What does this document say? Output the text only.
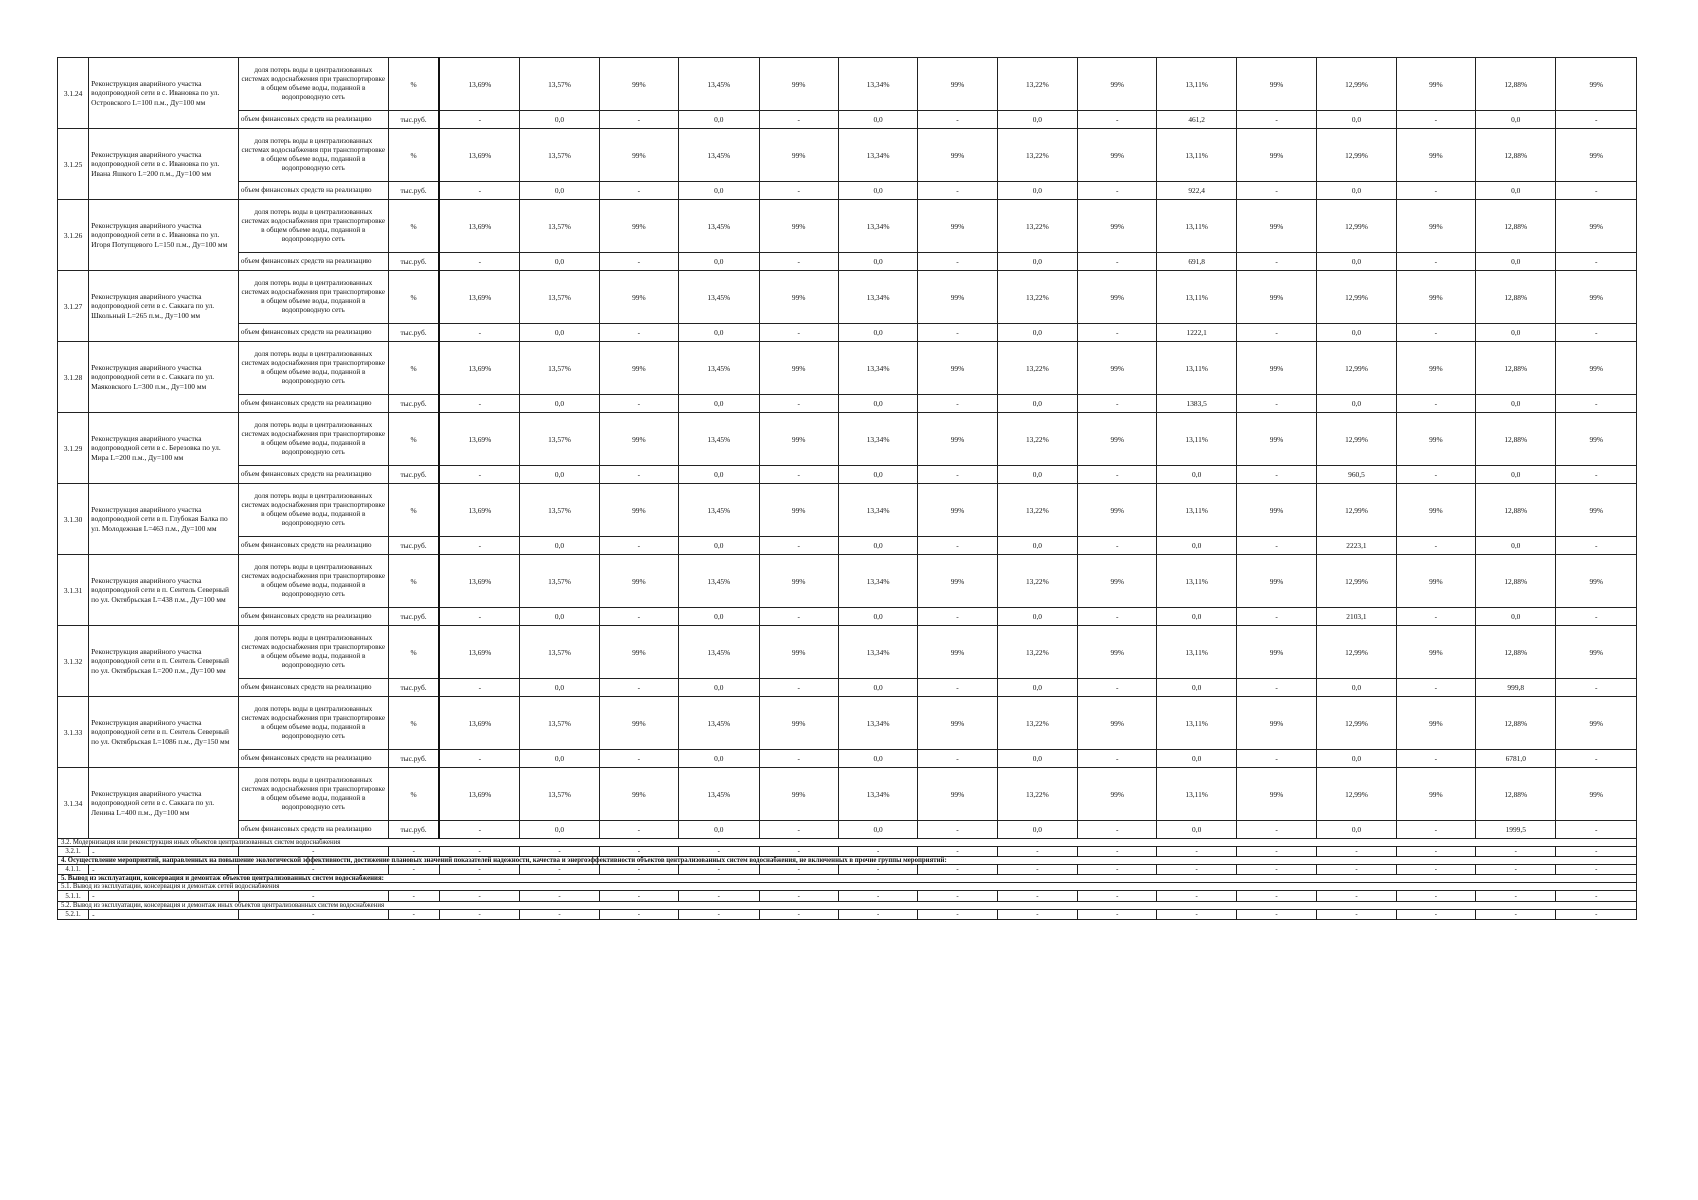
3.1.24	Реконструкция аварийного участка водопроводной сети в с. Ивановка по ул. Островского L=100 п.м., Ду=100 мм	доля потерь воды в централизованных системах водоснабжения при транспортировке в общем объеме воды, поданной в водопроводную сеть	%	13,69%	13,57%	99%	13,45%	99%	13,34%	99%	13,22%	99%	13,11%	99%	12,99%	99%	12,88%	99%
		объем финансовых средств на реализацию	тыс.руб.	-	0,0	-	0,0	-	0,0	-	0,0	-	461,2	-	0,0	-	0,0	-
3.1.25	Реконструкция аварийного участка водопроводной сети в с. Ивановка по ул. Ивана Яшкого L=200 п.м., Ду=100 мм	доля потерь воды в централизованных системах водоснабжения при транспортировке в общем объеме воды, поданной в водопроводную сеть	%	13,69%	13,57%	99%	13,45%	99%	13,34%	99%	13,22%	99%	13,11%	99%	12,99%	99%	12,88%	99%
		объем финансовых средств на реализацию	тыс.руб.	-	0,0	-	0,0	-	0,0	-	0,0	-	922,4	-	0,0	-	0,0	-
3.1.26	Реконструкция аварийного участка водопроводной сети в с. Ивановка по ул. Игоря Потупцевого L=150 п.м., Ду=100 мм	доля потерь воды в централизованных системах водоснабжения при транспортировке в общем объеме воды, поданной в водопроводную сеть	%	13,69%	13,57%	99%	13,45%	99%	13,34%	99%	13,22%	99%	13,11%	99%	12,99%	99%	12,88%	99%
		объем финансовых средств на реализацию	тыс.руб.	-	0,0	-	0,0	-	0,0	-	0,0	-	691,8	-	0,0	-	0,0	-
3.1.27	Реконструкция аварийного участка водопроводной сети в с. Саккага по ул. Школьный L=265 п.м., Ду=100 мм	доля потерь воды в централизованных системах водоснабжения при транспортировке в общем объеме воды, поданной в водопроводную сеть	%	13,69%	13,57%	99%	13,45%	99%	13,34%	99%	13,22%	99%	13,11%	99%	12,99%	99%	12,88%	99%
		объем финансовых средств на реализацию	тыс.руб.	-	0,0	-	0,0	-	0,0	-	0,0	-	1222,1	-	0,0	-	0,0	-
3.1.28	Реконструкция аварийного участка водопроводной сети в с. Саккага по ул. Маяковского L=300 п.м., Ду=100 мм	доля потерь воды в централизованных системах водоснабжения при транспортировке в общем объеме воды, поданной в водопроводную сеть	%	13,69%	13,57%	99%	13,45%	99%	13,34%	99%	13,22%	99%	13,11%	99%	12,99%	99%	12,88%	99%
		объем финансовых средств на реализацию	тыс.руб.	-	0,0	-	0,0	-	0,0	-	0,0	-	1383,5	-	0,0	-	0,0	-
3.1.29	Реконструкция аварийного участка водопроводной сети в с. Березовка по ул. Мира L=200 п.м., Ду=100 мм	доля потерь воды в централизованных системах водоснабжения при транспортировке в общем объеме воды, поданной в водопроводную сеть	%	13,69%	13,57%	99%	13,45%	99%	13,34%	99%	13,22%	99%	13,11%	99%	12,99%	99%	12,88%	99%
		объем финансовых средств на реализацию	тыс.руб.	-	0,0	-	0,0	-	0,0	-	0,0	-	0,0	-	960,5	-	0,0	-
3.1.30	Реконструкция аварийного участка водопроводной сети в п. Глубокая Балка по ул. Молодежная L=463 п.м., Ду=100 мм	доля потерь воды в централизованных системах водоснабжения при транспортировке в общем объеме воды, поданной в водопроводную сеть	%	13,69%	13,57%	99%	13,45%	99%	13,34%	99%	13,22%	99%	13,11%	99%	12,99%	99%	12,88%	99%
		объем финансовых средств на реализацию	тыс.руб.	-	0,0	-	0,0	-	0,0	-	0,0	-	0,0	-	2223,1	-	0,0	-
3.1.31	Реконструкция аварийного участка водопроводной сети в п. Сентель Северный по ул. Октябрьская L=438 п.м., Ду=100 мм	доля потерь воды в централизованных системах водоснабжения при транспортировке в общем объеме воды, поданной в водопроводную сеть	%	13,69%	13,57%	99%	13,45%	99%	13,34%	99%	13,22%	99%	13,11%	99%	12,99%	99%	12,88%	99%
		объем финансовых средств на реализацию	тыс.руб.	-	0,0	-	0,0	-	0,0	-	0,0	-	0,0	-	2103,1	-	0,0	-
3.1.32	Реконструкция аварийного участка водопроводной сети в п. Сентель Северный по ул. Октябрьская L=200 п.м., Ду=100 мм	доля потерь воды в централизованных системах водоснабжения при транспортировке в общем объеме воды, поданной в водопроводную сеть	%	13,69%	13,57%	99%	13,45%	99%	13,34%	99%	13,22%	99%	13,11%	99%	12,99%	99%	12,88%	99%
		объем финансовых средств на реализацию	тыс.руб.	-	0,0	-	0,0	-	0,0	-	0,0	-	0,0	-	0,0	-	999,8	-
3.1.33	Реконструкция аварийного участка водопроводной сети в п. Сентель Северный по ул. Октябрьская L=1086 п.м., Ду=150 мм	доля потерь воды в централизованных системах водоснабжения при транспортировке в общем объеме воды, поданной в водопроводную сеть	%	13,69%	13,57%	99%	13,45%	99%	13,34%	99%	13,22%	99%	13,11%	99%	12,99%	99%	12,88%	99%
		объем финансовых средств на реализацию	тыс.руб.	-	0,0	-	0,0	-	0,0	-	0,0	-	0,0	-	0,0	-	6781,0	-
3.1.34	Реконструкция аварийного участка водопроводной сети в с. Саккага по ул. Ленина L=400 п.м., Ду=100 мм	доля потерь воды в централизованных системах водоснабжения при транспортировке в общем объеме воды, поданной в водопроводную сеть	%	13,69%	13,57%	99%	13,45%	99%	13,34%	99%	13,22%	99%	13,11%	99%	12,99%	99%	12,88%	99%
		объем финансовых средств на реализацию	тыс.руб.	-	0,0	-	0,0	-	0,0	-	0,0	-	0,0	-	0,0	-	1999,5	-
3.2. Модернизация или реконструкция иных объектов централизованных систем водоснабжения																		
3.2.1.	-	-	-	-	-	-	-	-	-	-	-	-	-	-	-	-	-	-
4. Осуществление мероприятий, направленных на повышение экологической эффективности, достижение плановых значений показателей надежности, качества и энергоэффективности объектов централизованных систем водоснабжения, не включенных в прочие группы мероприятий:																		
4.1.1.	-	-	-	-	-	-	-	-	-	-	-	-	-	-	-	-	-	-
5. Вывод из эксплуатации, консервация и демонтаж объектов централизованных систем водоснабжения:																		
5.1. Вывод из эксплуатации, консервация и демонтаж сетей водоснабжения																		
5.1.1.	-	-	-	-	-	-	-	-	-	-	-	-	-	-	-	-	-	-
5.2. Вывод из эксплуатации, консервация и демонтаж иных объектов централизованных систем водоснабжения																		
5.2.1.	-	-	-	-	-	-	-	-	-	-	-	-	-	-	-	-	-	-
